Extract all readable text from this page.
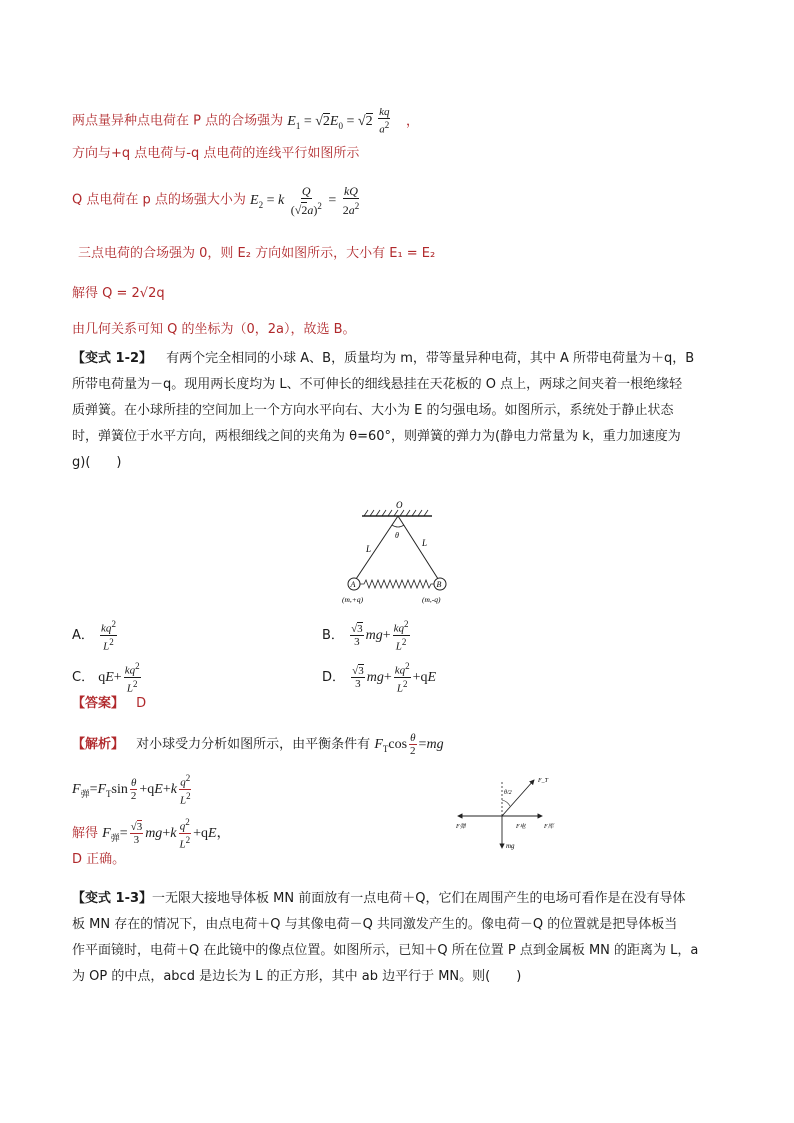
两点量异种点电荷在 P 点的合场强为 $E_1 = √2E_0 = √2 \frac{kq}{a^2}$ ，
方向与+q 点电荷与-q 点电荷的连线平行如图所示
Q 点电荷在 p 点的场强大小为 $E_2 = k \frac{Q}{(√2a)^2} = \frac{kQ}{2a^2}$
三点电荷的合场强为 0，则 E₂ 方向如图所示，大小有 E₁ = E₂
解得 Q = 2√2q
由几何关系可知 Q 的坐标为（0，2a），故选 B。
【变式 1-2】 有两个完全相同的小球 A、B，质量均为 m，带等量异种电荷，其中 A 所带电荷量为＋q，B
所带电荷量为－q。现用两长度均为 L、不可伸长的细线悬挂在天花板的 O 点上，两球之间夹着一根绝缘轻
质弹簧。在小球所挂的空间加上一个方向水平向右、大小为 E 的匀强电场。如图所示，系统处于静止状态
时，弹簧位于水平方向，两根细线之间的夹角为 θ=60°，则弹簧的弹力为(静电力常量为 k，重力加速度为
g)(　　)
O
θ
L
L
A	B
(m,+q)	(m,-q)
A． $\frac{kq^2}{L^2}$	B． $\frac{√3}{3} mg+ \frac{kq^2}{L^2}$
C． $qE+ \frac{kq^2}{L^2}$	D． $\frac{√3}{3} mg+ \frac{kq^2}{L^2} +qE$
【答案】 D
【解析】 对小球受力分析如图所示，由平衡条件有 $F_T\cos \frac{\theta}{2} =mg$
$F_弹=F_T\sin \frac{\theta}{2} +qE+k \frac{q^2}{L^2}$
解得 $F_弹= \frac{√3}{3} mg+k \frac{q^2}{L^2} +qE$，
D 正确。
θ/2
F_T
F弹	F电	F库
mg
【变式 1-3】一无限大接地导体板 MN 前面放有一点电荷＋Q，它们在周围产生的电场可看作是在没有导体
板 MN 存在的情况下，由点电荷＋Q 与其像电荷－Q 共同激发产生的。像电荷－Q 的位置就是把导体板当
作平面镜时，电荷＋Q 在此镜中的像点位置。如图所示，已知＋Q 所在位置 P 点到金属板 MN 的距离为 L，a
为 OP 的中点，abcd 是边长为 L 的正方形，其中 ab 边平行于 MN。则(　　)
